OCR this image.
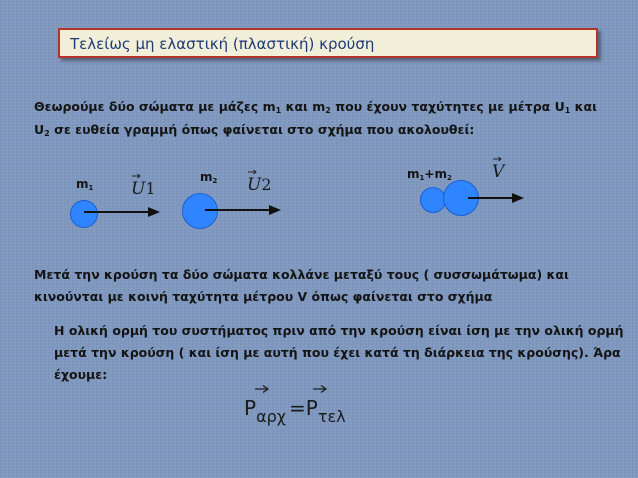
Τελείως μη ελαστική (πλαστική) κρούση
Θεωρούμε δύο σώματα με μάζες $m_1$ και $m_2$ που έχουν ταχύτητες με μέτρα $U_1$ και
$U_2$ σε ευθεία γραμμή όπως φαίνεται στο σχήμα που ακολουθεί:
$m_1$
$m_2$	$m_1+m_2$
U1	U2
V
Μετά την κρούση τα δύο σώματα κολλάνε μεταξύ τους ( συσσωμάτωμα) και
κινούνται με κοινή ταχύτητα μέτρου V όπως φαίνεται στο σχήμα
Η ολική ορμή του συστήματος πριν από την κρούση είναι ίση με την ολική ορμή
μετά την κρούση ( και ίση με αυτή που έχει κατά τη διάρκεια της κρούσης). Άρα
έχουμε:
$P_{\alpha\rho\chi} =P_{\tau\varepsilon\lambda}$
